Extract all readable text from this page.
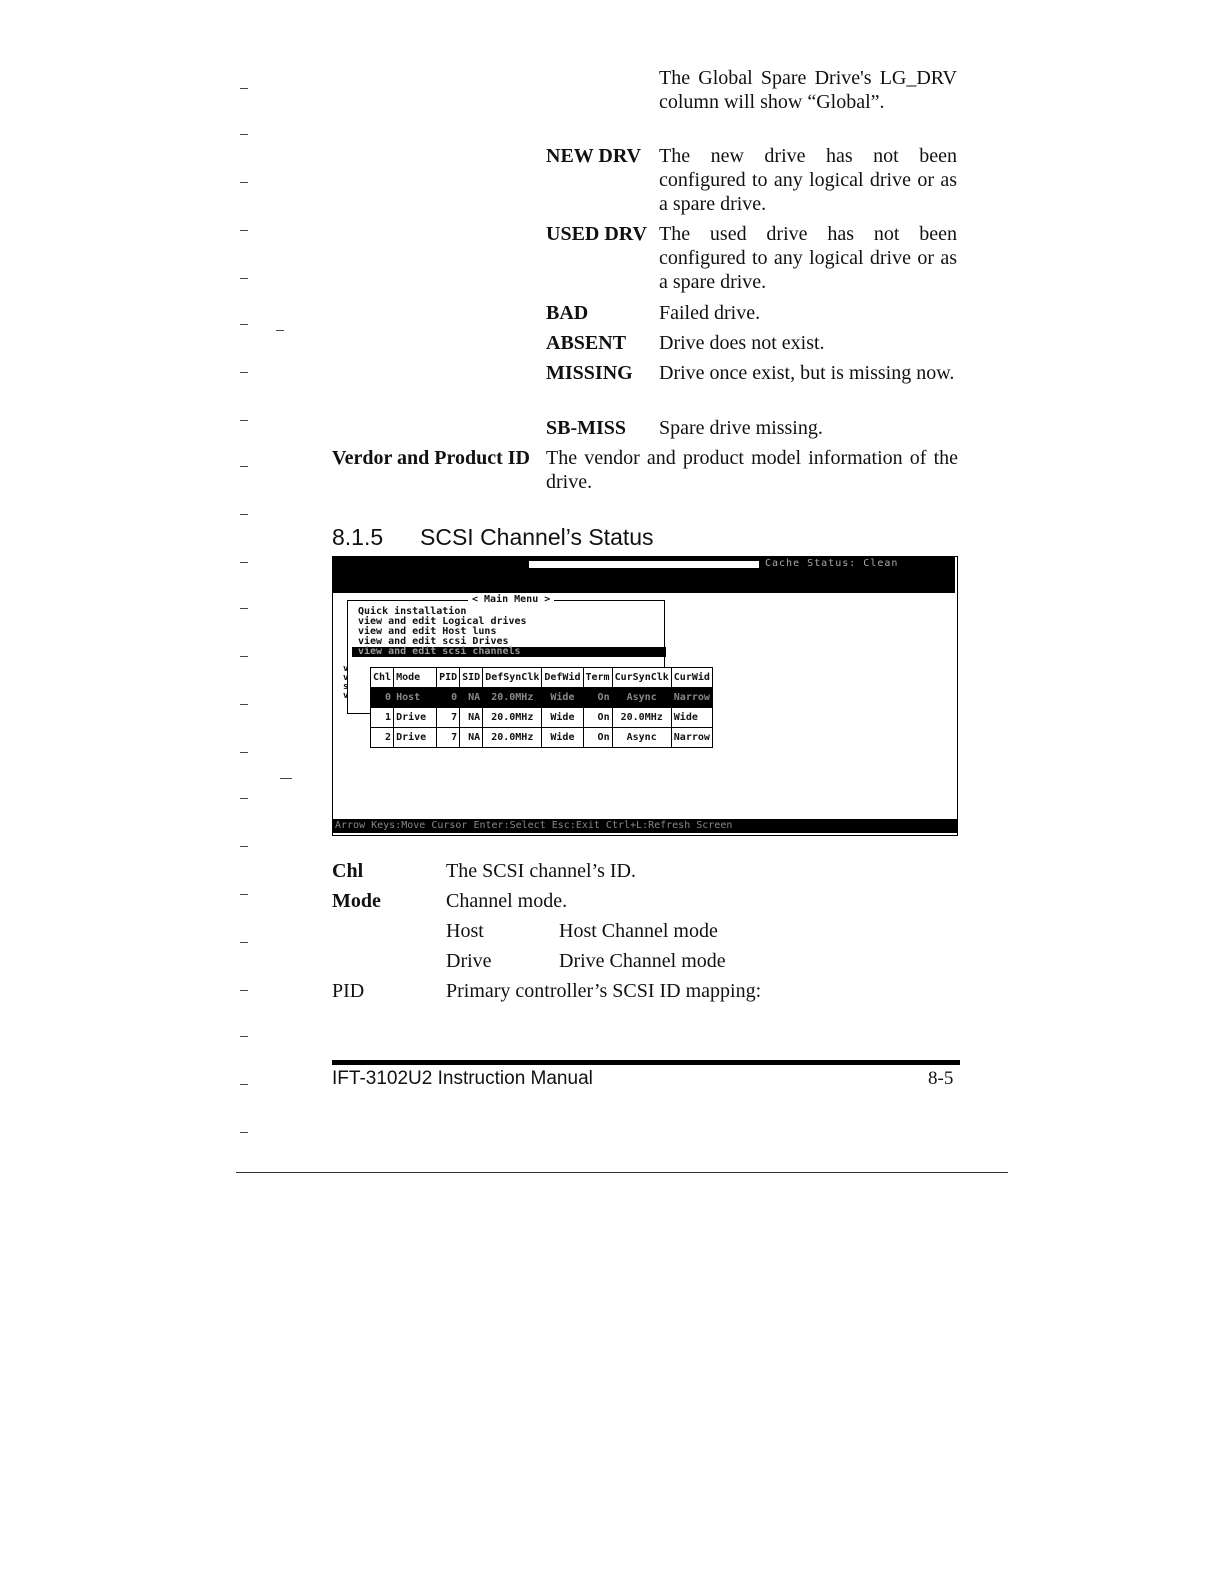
The Global Spare Drive's LG_DRV column will show “Global”.
NEW DRV The new drive has not been configured to any logical drive or as a spare drive.
USED DRV The used drive has not been configured to any logical drive or as a spare drive.
BAD	Failed drive.
ABSENT Drive does not exist.
MISSING Drive once exist, but is missing now.
SB-MISS Spare drive missing.
Verdor and Product ID The vendor and product model information of the drive.
8.1.5 SCSI Channel’s Status
Cache Status: Clean
< Main Menu >
Quick installation
view and edit Logical drives
view and edit Host luns
view and edit scsi Drives
view and edit scsi channels
v
v
s
v
Chl	Mode	PID	SID	DefSynClk	DefWid	Term	CurSynClk	CurWid
0	Host	0	NA	20.0MHz	Wide	On	Async	Narrow
1	Drive	7	NA	20.0MHz	Wide	On	20.0MHz	Wide
2	Drive	7	NA	20.0MHz	Wide	On	Async	Narrow
Arrow Keys:Move Cursor Enter:Select Esc:Exit Ctrl+L:Refresh Screen
Chl	The SCSI channel’s ID.
Mode	Channel mode.
Host	Host Channel mode
Drive	Drive Channel mode
PID	Primary controller’s SCSI ID mapping:
IFT-3102U2 Instruction Manual	8-5
